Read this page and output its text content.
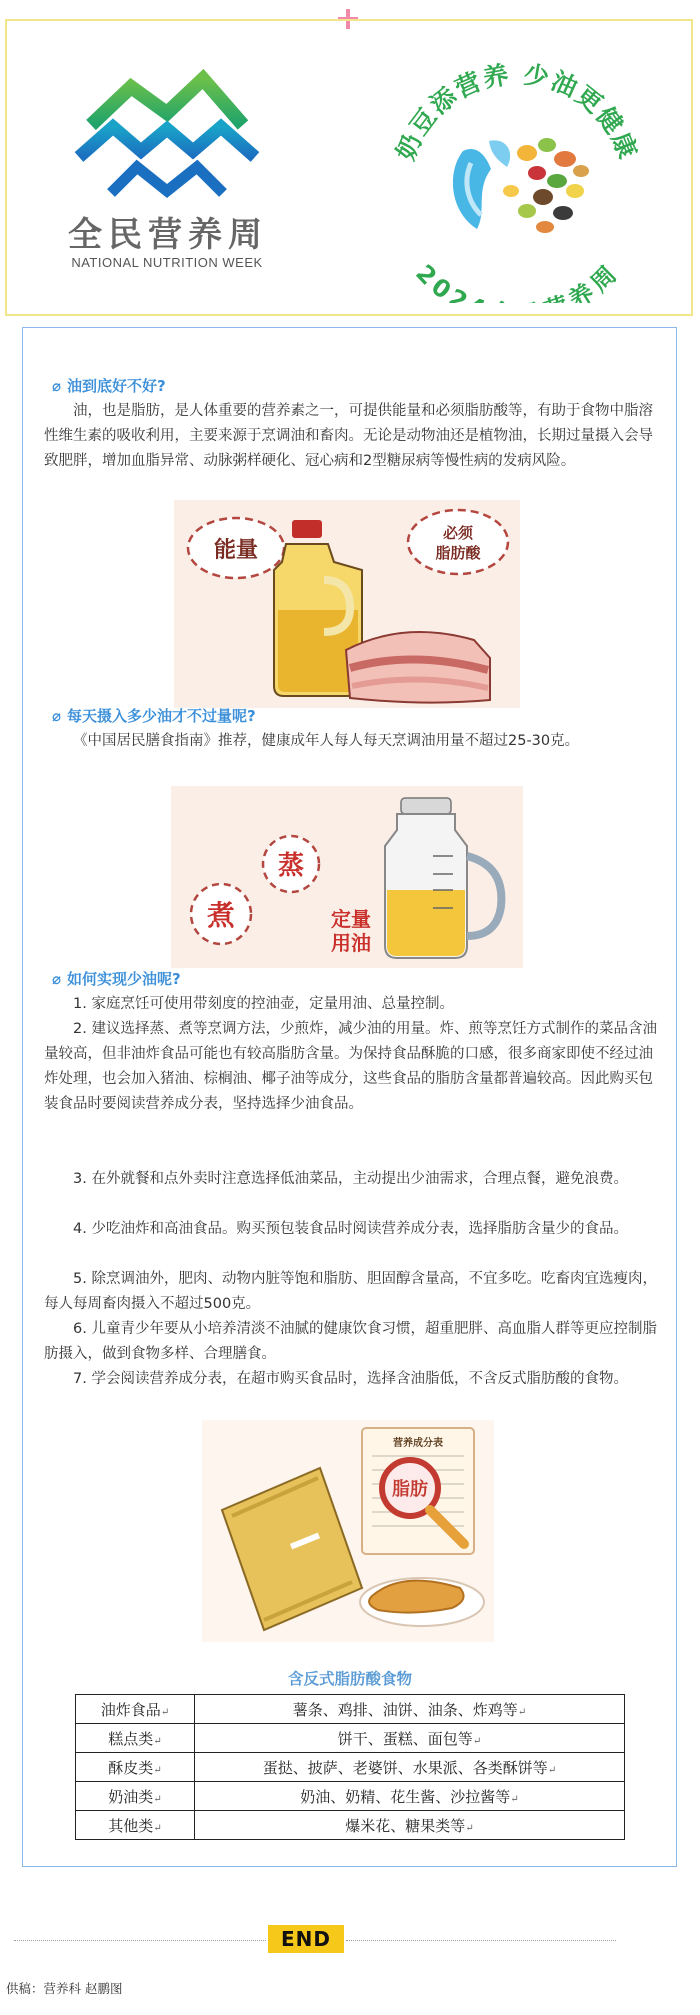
全民营养周
NATIONAL NUTRITION WEEK
奶豆添营养 少油更健康
202 养周
⌀ 油到底好不好?

油，也是脂肪，是人体重要的营养素之一，可提供能量和必须脂肪酸等，有助于食物中脂溶性维生素的吸收利用，主要来源于烹调油和畜肉。无论是动物油还是植物油，长期过量摄入会导致肥胖，增加血脂异常、动脉粥样硬化、冠心病和2型糖尿病等慢性病的发病风险。

能量
必须
脂肪酸
⌀ 每天摄入多少油才不过量呢?

《中国居民膳食指南》推荐，健康成年人每人每天烹调油用量不超过25-30克。

煮
蒸
定量
用油
⌀ 如何实现少油呢?

1. 家庭烹饪可使用带刻度的控油壶，定量用油、总量控制。

2. 建议选择蒸、煮等烹调方法，少煎炸，减少油的用量。炸、煎等烹饪方式制作的菜品含油量较高，但非油炸食品可能也有较高脂肪含量。为保持食品酥脆的口感，很多商家即使不经过油炸处理，也会加入猪油、棕榈油、椰子油等成分，这些食品的脂肪含量都普遍较高。因此购买包装食品时要阅读营养成分表，坚持选择少油食品。

3. 在外就餐和点外卖时注意选择低油菜品，主动提出少油需求，合理点餐，避免浪费。

4. 少吃油炸和高油食品。购买预包装食品时阅读营养成分表，选择脂肪含量少的食品。

5. 除烹调油外，肥肉、动物内脏等饱和脂肪、胆固醇含量高，不宜多吃。吃畜肉宜选瘦肉，每人每周畜肉摄入不超过500克。

6. 儿童青少年要从小培养清淡不油腻的健康饮食习惯，超重肥胖、高血脂人群等更应控制脂肪摄入，做到食物多样、合理膳食。

7. 学会阅读营养成分表，在超市购买食品时，选择含油脂低，不含反式脂肪酸的食物。

营养成分表
脂肪
含反式脂肪酸食物
油炸食品 ↵	薯条、鸡排、油饼、油条、炸鸡等 ↵
糕点类 ↵	饼干、蛋糕、面包等 ↵
酥皮类 ↵	蛋挞、披萨、老婆饼、水果派、各类酥饼等 ↵
奶油类 ↵	奶油、奶精、花生酱、沙拉酱等 ↵
其他类 ↵	爆米花、糖果类等 ↵
END
供稿：营养科 赵鹏图
